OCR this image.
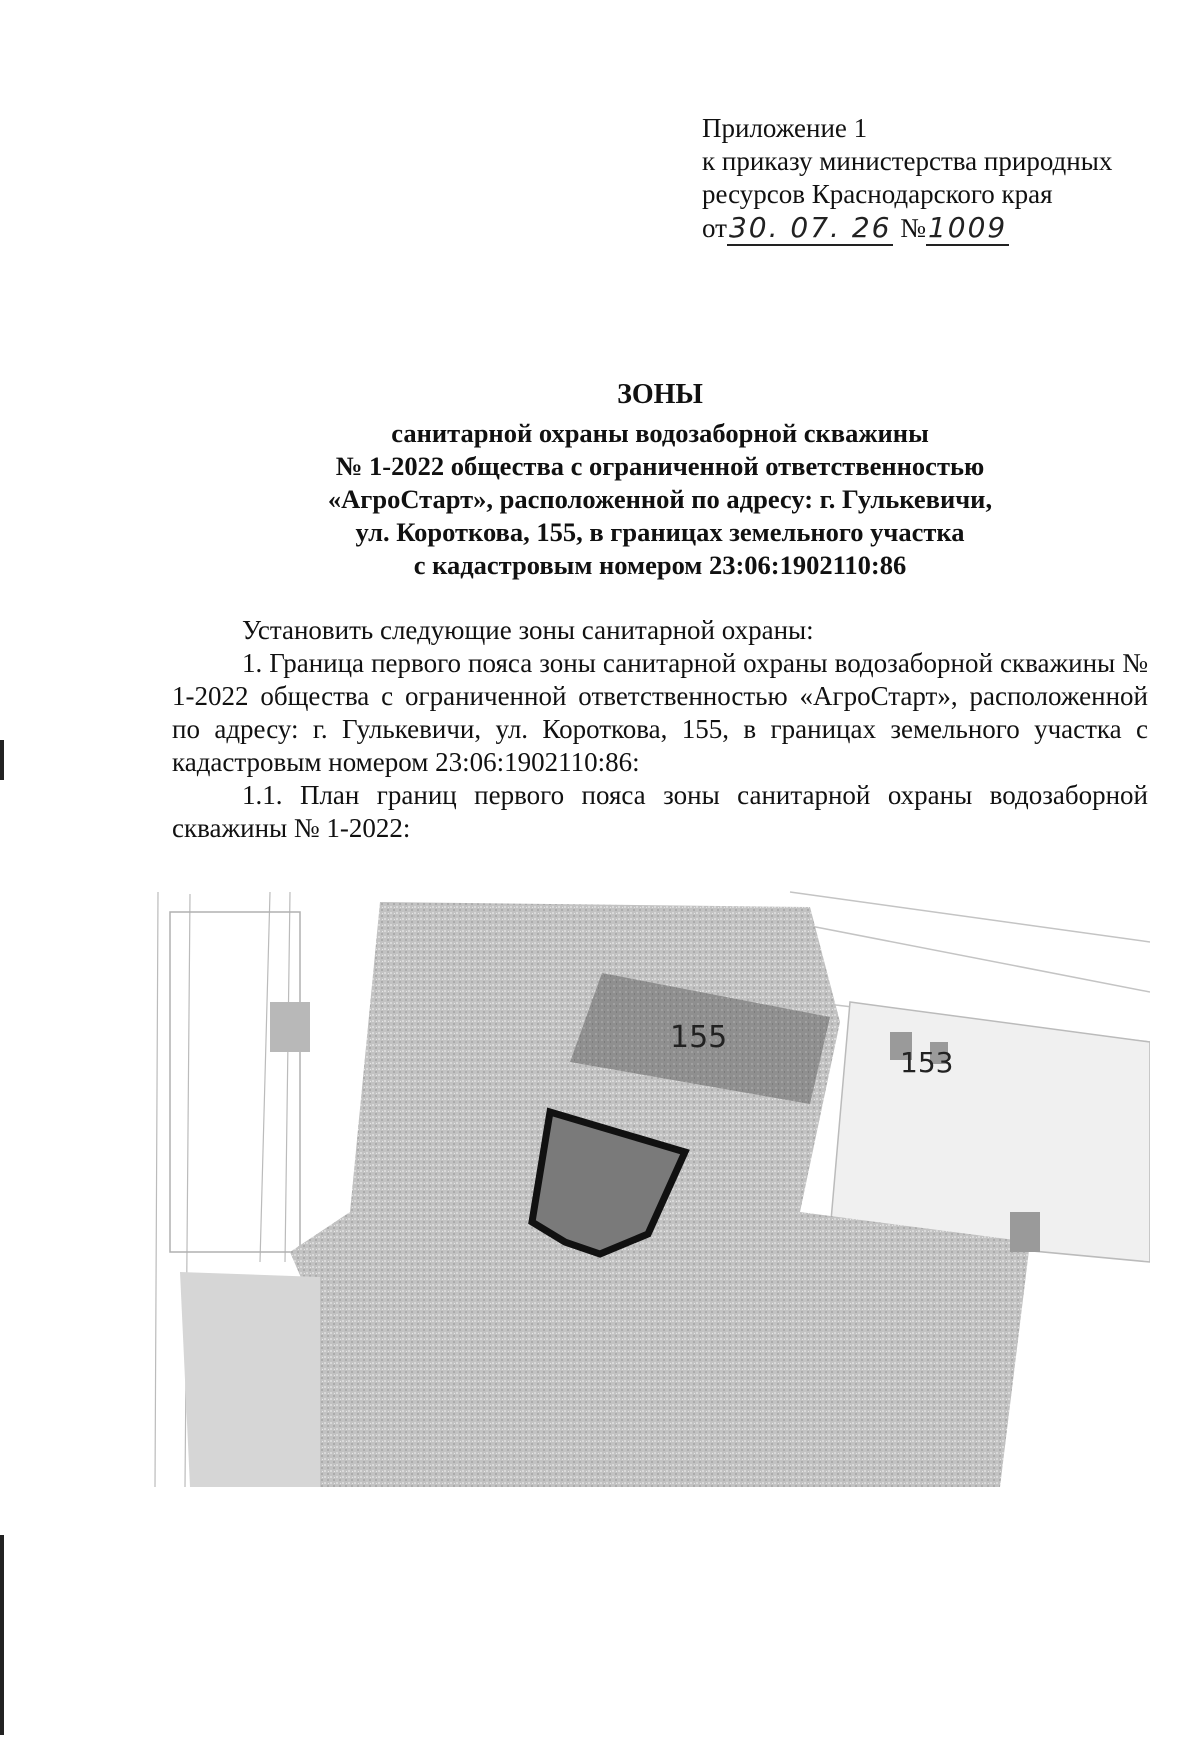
Приложение 1
к приказу министерства природных
ресурсов Краснодарского края
от30. 07. 26 №1009
ЗОНЫ
санитарной охраны водозаборной скважины
№ 1-2022 общества с ограниченной ответственностью
«АгроСтарт», расположенной по адресу: г. Гулькевичи,
ул. Короткова, 155, в границах земельного участка
с кадастровым номером 23:06:1902110:86

Установить следующие зоны санитарной охраны:

1. Граница первого пояса зоны санитарной охраны водозаборной скважины № 1-2022 общества с ограниченной ответственностью «АгроСтарт», расположенной по адресу: г. Гулькевичи, ул. Короткова, 155, в границах земельного участка с кадастровым номером 23:06:1902110:86:

1.1. План границ первого пояса зоны санитарной охраны водозаборной скважины № 1-2022:

155
153
